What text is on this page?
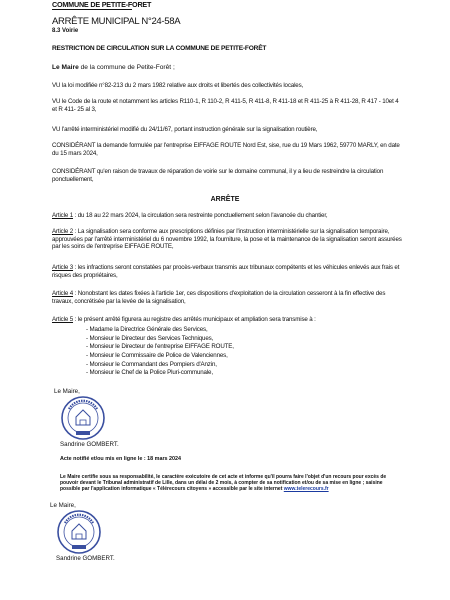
COMMUNE DE PETITE-FORET
ARRÊTE MUNICIPAL N°24-58A
8.3 Voirie
RESTRICTION DE CIRCULATION SUR LA COMMUNE DE PETITE-FORÊT
Le Maire de la commune de Petite-Forêt ;
VU la loi modifiée n°82-213 du 2 mars 1982 relative aux droits et libertés des collectivités locales,
VU le Code de la route et notamment les articles R110-1, R 110-2, R 411-5, R 411-8, R 411-18 et R 411-25 à R 411-28, R 417 - 10et 4 et R 411- 25 al 3,
VU l'arrêté interministériel modifié du 24/11/67, portant instruction générale sur la signalisation routière,
CONSIDÉRANT la demande formulée par l'entreprise EIFFAGE ROUTE Nord Est, sise, rue du 19 Mars 1962, 59770 MARLY, en date du 15 mars 2024,
CONSIDÉRANT qu'en raison de travaux de réparation de voirie sur le domaine communal, il y a lieu de restreindre la circulation ponctuellement,
ARRÊTE
Article 1 : du 18 au 22 mars 2024, la circulation sera restreinte ponctuellement selon l'avancée du chantier,
Article 2 : La signalisation sera conforme aux prescriptions définies par l'instruction interministérielle sur la signalisation temporaire, approuvées par l'arrêté interministériel du 6 novembre 1992, la fourniture, la pose et la maintenance de la signalisation seront assurées par les soins de l'entreprise EIFFAGE ROUTE,
Article 3 : les infractions seront constatées par procès-verbaux transmis aux tribunaux compétents et les véhicules enlevés aux frais et risques des propriétaires,
Article 4 : Nonobstant les dates fixées à l'article 1er, ces dispositions d'exploitation de la circulation cesseront à la fin effective des travaux, concrétisée par la levée de la signalisation,
Article 5 : le présent arrêté figurera au registre des arrêtés municipaux et ampliation sera transmise à :
- Madame la Directrice Générale des Services,
- Monsieur le Directeur des Services Techniques,
- Monsieur le Directeur de l'entreprise EIFFAGE ROUTE,
- Monsieur le Commissaire de Police de Valenciennes,
- Monsieur le Commandant des Pompiers d'Anzin,
- Monsieur le Chef de la Police Pluri-communale,
Le Maire,
Sandrine GOMBERT.
Acte notifié et/ou mis en ligne le : 18 mars 2024
Le Maire certifie sous sa responsabilité, le caractère exécutoire de cet acte et informe qu'il pourra faire l'objet d'un recours pour excès de pouvoir devant le Tribunal administratif de Lille, dans un délai de 2 mois, à compter de sa notification et/ou de sa mise en ligne ; saisine possible par l'application informatique « Télérecours citoyens » accessible par le site internet www.telerecours.fr
Le Maire,
Sandrine GOMBERT.
